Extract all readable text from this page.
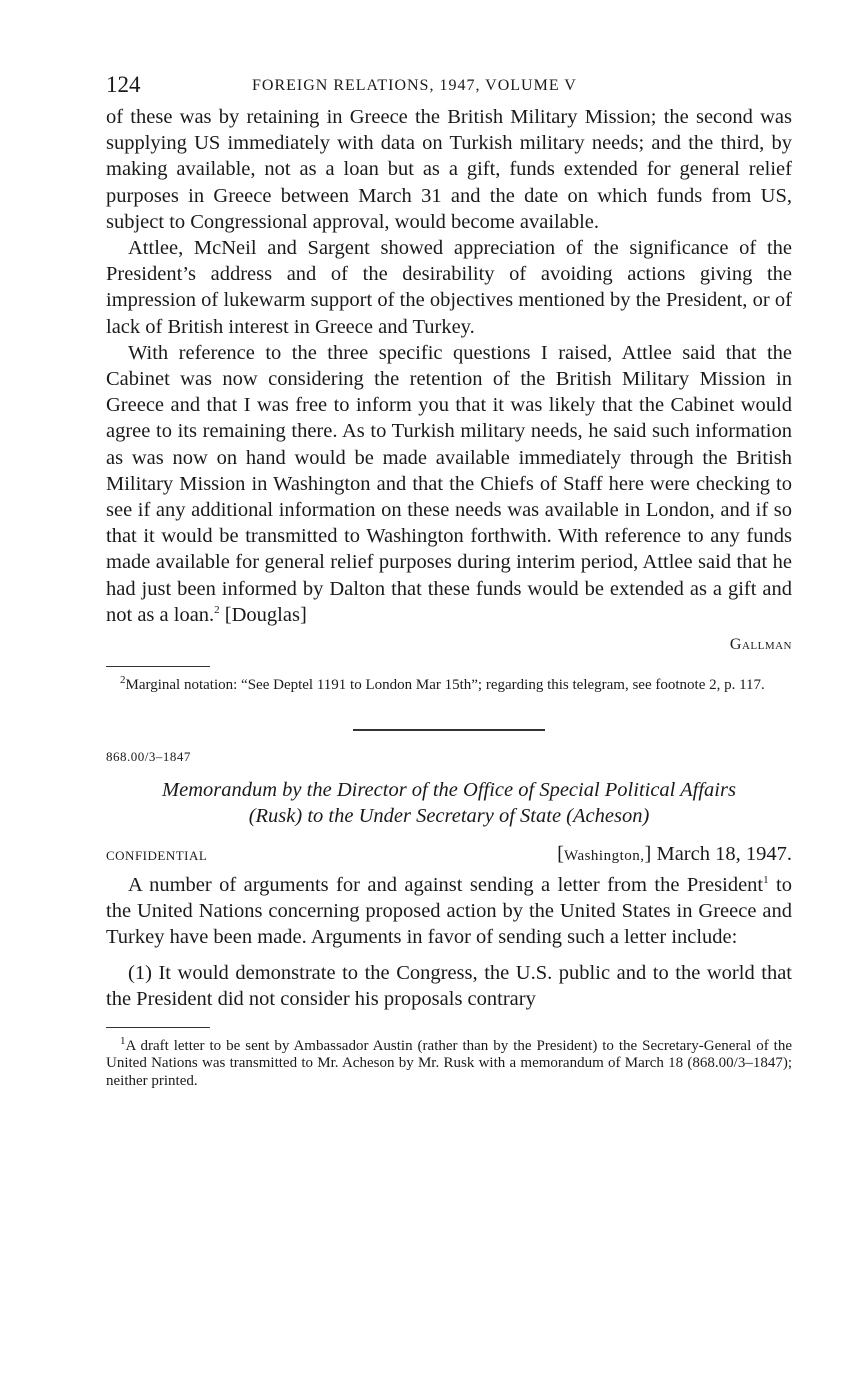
124	FOREIGN RELATIONS, 1947, VOLUME V

of these was by retaining in Greece the British Military Mission; the second was supplying US immediately with data on Turkish military needs; and the third, by making available, not as a loan but as a gift, funds extended for general relief purposes in Greece between March 31 and the date on which funds from US, subject to Congressional approval, would become available.

Attlee, McNeil and Sargent showed appreciation of the significance of the President’s address and of the desirability of avoiding actions giving the impression of lukewarm support of the objectives mentioned by the President, or of lack of British interest in Greece and Turkey.

With reference to the three specific questions I raised, Attlee said that the Cabinet was now considering the retention of the British Military Mission in Greece and that I was free to inform you that it was likely that the Cabinet would agree to its remaining there. As to Turkish military needs, he said such information as was now on hand would be made available immediately through the British Military Mission in Washington and that the Chiefs of Staff here were checking to see if any additional information on these needs was available in London, and if so that it would be transmitted to Washington forthwith. With reference to any funds made available for general relief purposes during interim period, Attlee said that he had just been informed by Dalton that these funds would be extended as a gift and not as a loan.$^2$ [Douglas]

Gallman

$^2$Marginal notation: “See Deptel 1191 to London Mar 15th”; regarding this telegram, see footnote 2, p. 117.

868.00/3–1847

Memorandum by the Director of the Office of Special Political Affairs
(Rusk) to the Under Secretary of State (Acheson)
CONFIDENTIAL	[Washington,] March 18, 1947.

A number of arguments for and against sending a letter from the President$^1$ to the United Nations concerning proposed action by the United States in Greece and Turkey have been made. Arguments in favor of sending such a letter include:

(1) It would demonstrate to the Congress, the U.S. public and to the world that the President did not consider his proposals contrary

$^1$A draft letter to be sent by Ambassador Austin (rather than by the President) to the Secretary-General of the United Nations was transmitted to Mr. Acheson by Mr. Rusk with a memorandum of March 18 (868.00/3–1847); neither printed.
